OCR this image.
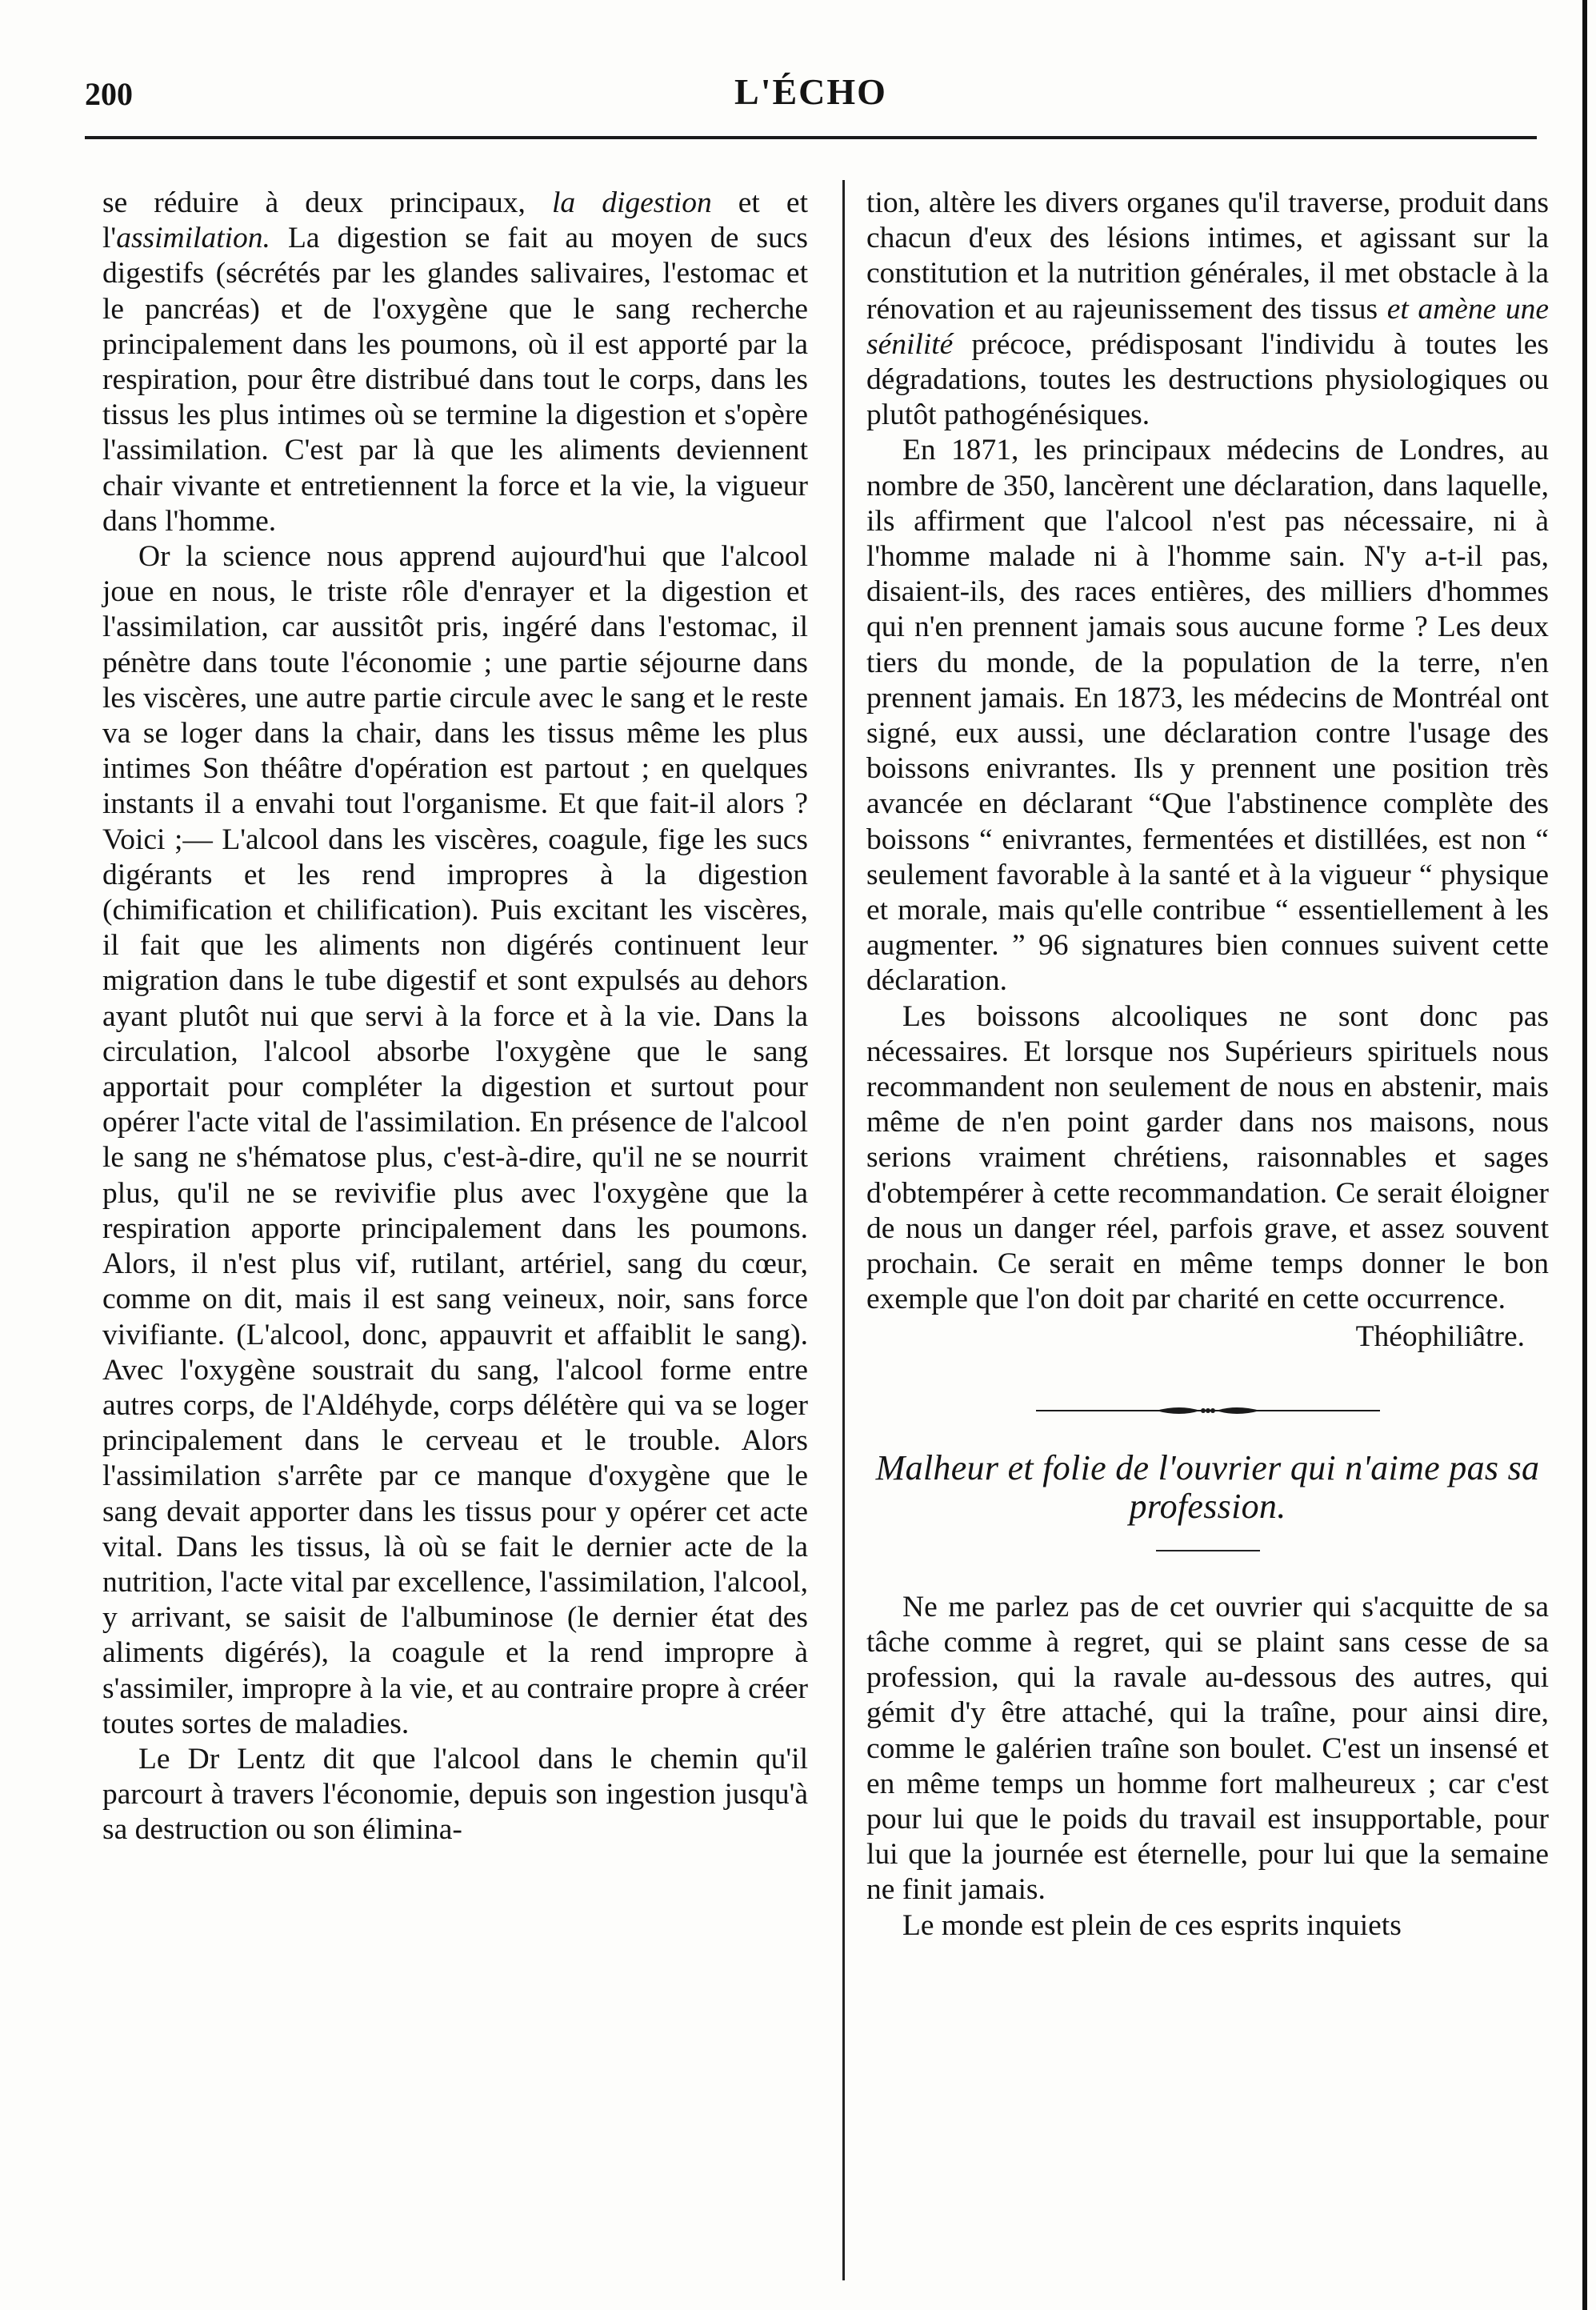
200	L'ÉCHO

se réduire à deux principaux, la digestion et et l'assimilation. La digestion se fait au moyen de sucs digestifs (sécrétés par les glandes salivaires, l'estomac et le pancréas) et de l'oxygène que le sang recherche principalement dans les poumons, où il est apporté par la respiration, pour être distribué dans tout le corps, dans les tissus les plus intimes où se termine la digestion et s'opère l'assimilation. C'est par là que les aliments deviennent chair vivante et entretiennent la force et la vie, la vigueur dans l'homme.

Or la science nous apprend aujourd'hui que l'alcool joue en nous, le triste rôle d'enrayer et la digestion et l'assimilation, car aussitôt pris, ingéré dans l'estomac, il pénètre dans toute l'économie ; une partie séjourne dans les viscères, une autre partie circule avec le sang et le reste va se loger dans la chair, dans les tissus même les plus intimes Son théâtre d'opération est partout ; en quelques instants il a envahi tout l'organisme. Et que fait-il alors ? Voici ;— L'alcool dans les viscères, coagule, fige les sucs digérants et les rend impropres à la digestion (chimification et chilification). Puis excitant les viscères, il fait que les aliments non digérés continuent leur migration dans le tube digestif et sont expulsés au dehors ayant plutôt nui que servi à la force et à la vie. Dans la circulation, l'alcool absorbe l'oxygène que le sang apportait pour compléter la digestion et surtout pour opérer l'acte vital de l'assimilation. En présence de l'alcool le sang ne s'hématose plus, c'est-à-dire, qu'il ne se nourrit plus, qu'il ne se revivifie plus avec l'oxygène que la respiration apporte principalement dans les poumons. Alors, il n'est plus vif, rutilant, artériel, sang du cœur, comme on dit, mais il est sang veineux, noir, sans force vivifiante. (L'alcool, donc, appauvrit et affaiblit le sang). Avec l'oxygène soustrait du sang, l'alcool forme entre autres corps, de l'Aldéhyde, corps délétère qui va se loger principalement dans le cerveau et le trouble. Alors l'assimilation s'arrête par ce manque d'oxygène que le sang devait apporter dans les tissus pour y opérer cet acte vital. Dans les tissus, là où se fait le dernier acte de la nutrition, l'acte vital par excellence, l'assimilation, l'alcool, y arrivant, se saisit de l'albuminose (le dernier état des aliments digérés), la coagule et la rend impropre à s'assimiler, impropre à la vie, et au contraire propre à créer toutes sortes de maladies.

Le Dr Lentz dit que l'alcool dans le chemin qu'il parcourt à travers l'économie, depuis son ingestion jusqu'à sa destruction ou son élimina-

tion, altère les divers organes qu'il traverse, produit dans chacun d'eux des lésions intimes, et agissant sur la constitution et la nutrition générales, il met obstacle à la rénovation et au rajeunissement des tissus et amène une sénilité précoce, prédisposant l'individu à toutes les dégradations, toutes les destructions physiologiques ou plutôt pathogénésiques.

En 1871, les principaux médecins de Londres, au nombre de 350, lancèrent une déclaration, dans laquelle, ils affirment que l'alcool n'est pas nécessaire, ni à l'homme malade ni à l'homme sain. N'y a-t-il pas, disaient-ils, des races entières, des milliers d'hommes qui n'en prennent jamais sous aucune forme ? Les deux tiers du monde, de la population de la terre, n'en prennent jamais. En 1873, les médecins de Montréal ont signé, eux aussi, une déclaration contre l'usage des boissons enivrantes. Ils y prennent une position très avancée en déclarant “Que l'abstinence complète des boissons “ enivrantes, fermentées et distillées, est non “ seulement favorable à la santé et à la vigueur “ physique et morale, mais qu'elle contribue “ essentiellement à les augmenter. ” 96 signatures bien connues suivent cette déclaration.

Les boissons alcooliques ne sont donc pas nécessaires. Et lorsque nos Supérieurs spirituels nous recommandent non seulement de nous en abstenir, mais même de n'en point garder dans nos maisons, nous serions vraiment chrétiens, raisonnables et sages d'obtempérer à cette recommandation. Ce serait éloigner de nous un danger réel, parfois grave, et assez souvent prochain. Ce serait en même temps donner le bon exemple que l'on doit par charité en cette occurrence.

Théophiliâtre.

Malheur et folie de l'ouvrier qui n'aime pas sa profession.

Ne me parlez pas de cet ouvrier qui s'acquitte de sa tâche comme à regret, qui se plaint sans cesse de sa profession, qui la ravale au-dessous des autres, qui gémit d'y être attaché, qui la traîne, pour ainsi dire, comme le galérien traîne son boulet. C'est un insensé et en même temps un homme fort malheureux ; car c'est pour lui que le poids du travail est insupportable, pour lui que la journée est éternelle, pour lui que la semaine ne finit jamais.

Le monde est plein de ces esprits inquiets
